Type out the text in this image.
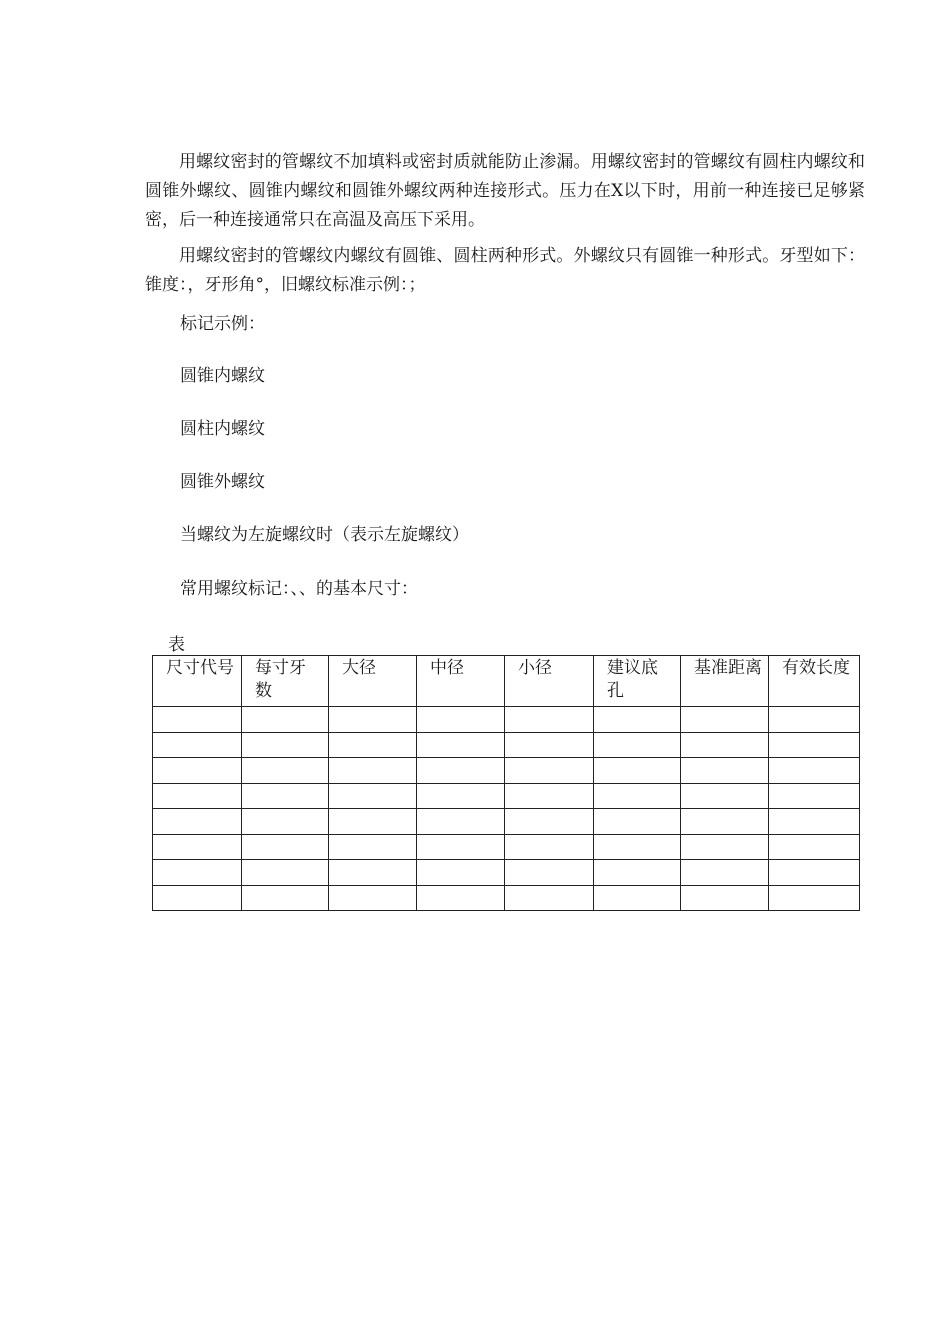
用螺纹密封的管螺纹不加填料或密封质就能防止渗漏。用螺纹密封的管螺纹有圆柱内螺纹和圆锥外螺纹、圆锥内螺纹和圆锥外螺纹两种连接形式。压力在Ⅹ以下时，用前一种连接已足够紧密，后一种连接通常只在高温及高压下采用。

用螺纹密封的管螺纹内螺纹有圆锥、圆柱两种形式。外螺纹只有圆锥一种形式。牙型如下：锥度：，牙形角°，旧螺纹标准示例：；

标记示例：

圆锥内螺纹

圆柱内螺纹

圆锥外螺纹

当螺纹为左旋螺纹时（表示左旋螺纹）

常用螺纹标记：、、的基本尺寸：

表

尺寸代号	每寸牙数	大径	中径	小径	建议底孔	基准距离	有效长度
